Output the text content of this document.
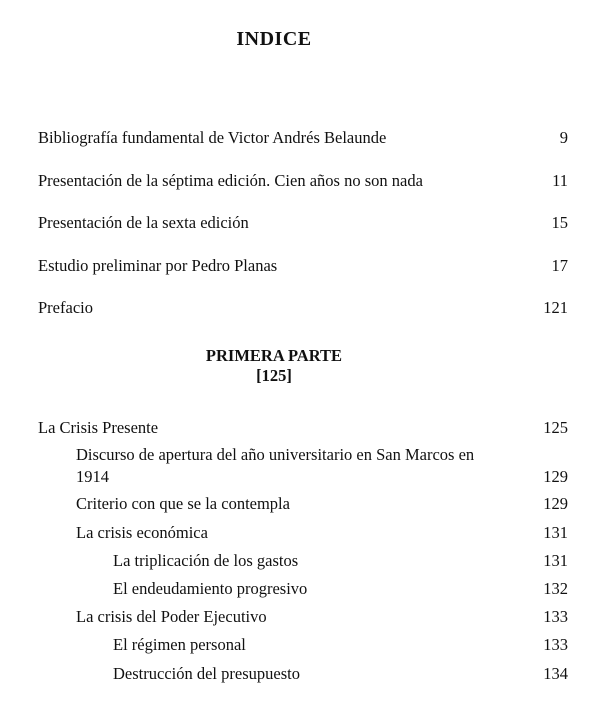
INDICE
Bibliografía fundamental de Victor Andrés Belaunde	9
Presentación de la séptima edición. Cien años no son nada	11
Presentación de la sexta edición	15
Estudio preliminar por Pedro Planas	17
Prefacio	121
PRIMERA PARTE
[125]
La Crisis Presente	125
Discurso de apertura del año universitario en San Marcos en 1914	129
Criterio con que se la contempla	129
La crisis económica	131
La triplicación de los gastos	131
El endeudamiento progresivo	132
La crisis del Poder Ejecutivo	133
El régimen personal	133
Destrucción del presupuesto	134
